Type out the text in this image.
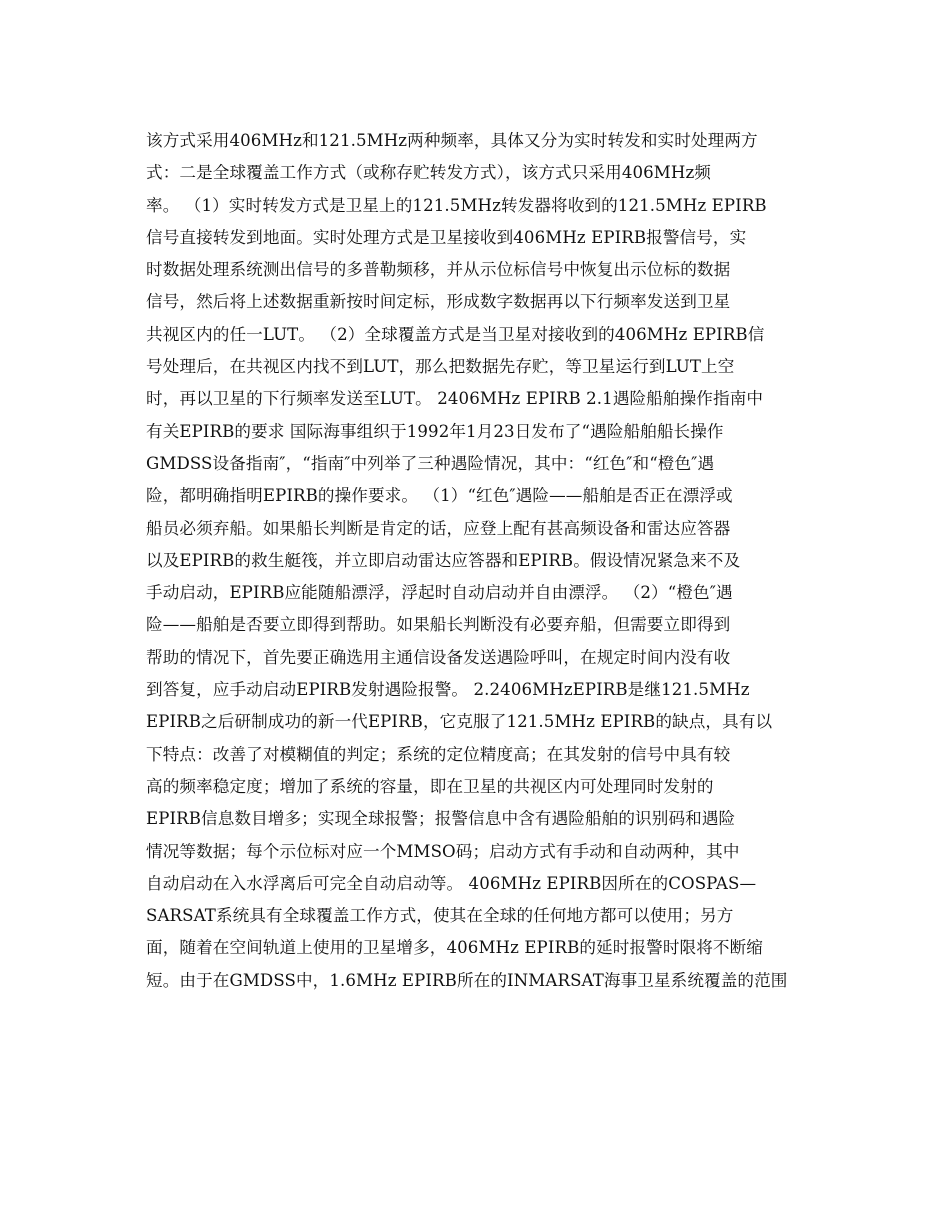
该方式采用406MHz和121.5MHz两种频率，具体又分为实时转发和实时处理两方
式：二是全球覆盖工作方式（或称存贮转发方式），该方式只采用406MHz频
率。 （1）实时转发方式是卫星上的121.5MHz转发器将收到的121.5MHz EPIRB
信号直接转发到地面。实时处理方式是卫星接收到406MHz EPIRB报警信号，实
时数据处理系统测出信号的多普勒频移，并从示位标信号中恢复出示位标的数据
信号，然后将上述数据重新按时间定标，形成数字数据再以下行频率发送到卫星
共视区内的任一LUT。 （2）全球覆盖方式是当卫星对接收到的406MHz EPIRB信
号处理后，在共视区内找不到LUT，那么把数据先存贮，等卫星运行到LUT上空
时，再以卫星的下行频率发送至LUT。 2406MHz EPIRB 2.1遇险船舶操作指南中
有关EPIRB的要求 国际海事组织于1992年1月23日发布了“遇险船舶船长操作
GMDSS设备指南″，“指南″中列举了三种遇险情况，其中：“红色″和“橙色″遇
险，都明确指明EPIRB的操作要求。 （1）“红色″遇险——船舶是否正在漂浮或
船员必须弃船。如果船长判断是肯定的话，应登上配有甚高频设备和雷达应答器
以及EPIRB的救生艇筏，并立即启动雷达应答器和EPIRB。假设情况紧急来不及
手动启动，EPIRB应能随船漂浮，浮起时自动启动并自由漂浮。 （2）“橙色″遇
险——船舶是否要立即得到帮助。如果船长判断没有必要弃船，但需要立即得到
帮助的情况下，首先要正确选用主通信设备发送遇险呼叫，在规定时间内没有收
到答复，应手动启动EPIRB发射遇险报警。 2.2406MHzEPIRB是继121.5MHz
EPIRB之后研制成功的新一代EPIRB，它克服了121.5MHz EPIRB的缺点，具有以
下特点：改善了对模糊值的判定；系统的定位精度高；在其发射的信号中具有较
高的频率稳定度；增加了系统的容量，即在卫星的共视区内可处理同时发射的
EPIRB信息数目增多；实现全球报警；报警信息中含有遇险船舶的识别码和遇险
情况等数据；每个示位标对应一个MMSO码；启动方式有手动和自动两种，其中
自动启动在入水浮离后可完全自动启动等。 406MHz EPIRB因所在的COSPAS—
SARSAT系统具有全球覆盖工作方式，使其在全球的任何地方都可以使用；另方
面，随着在空间轨道上使用的卫星增多，406MHz EPIRB的延时报警时限将不断缩
短。由于在GMDSS中，1.6MHz EPIRB所在的INMARSAT海事卫星系统覆盖的范围
